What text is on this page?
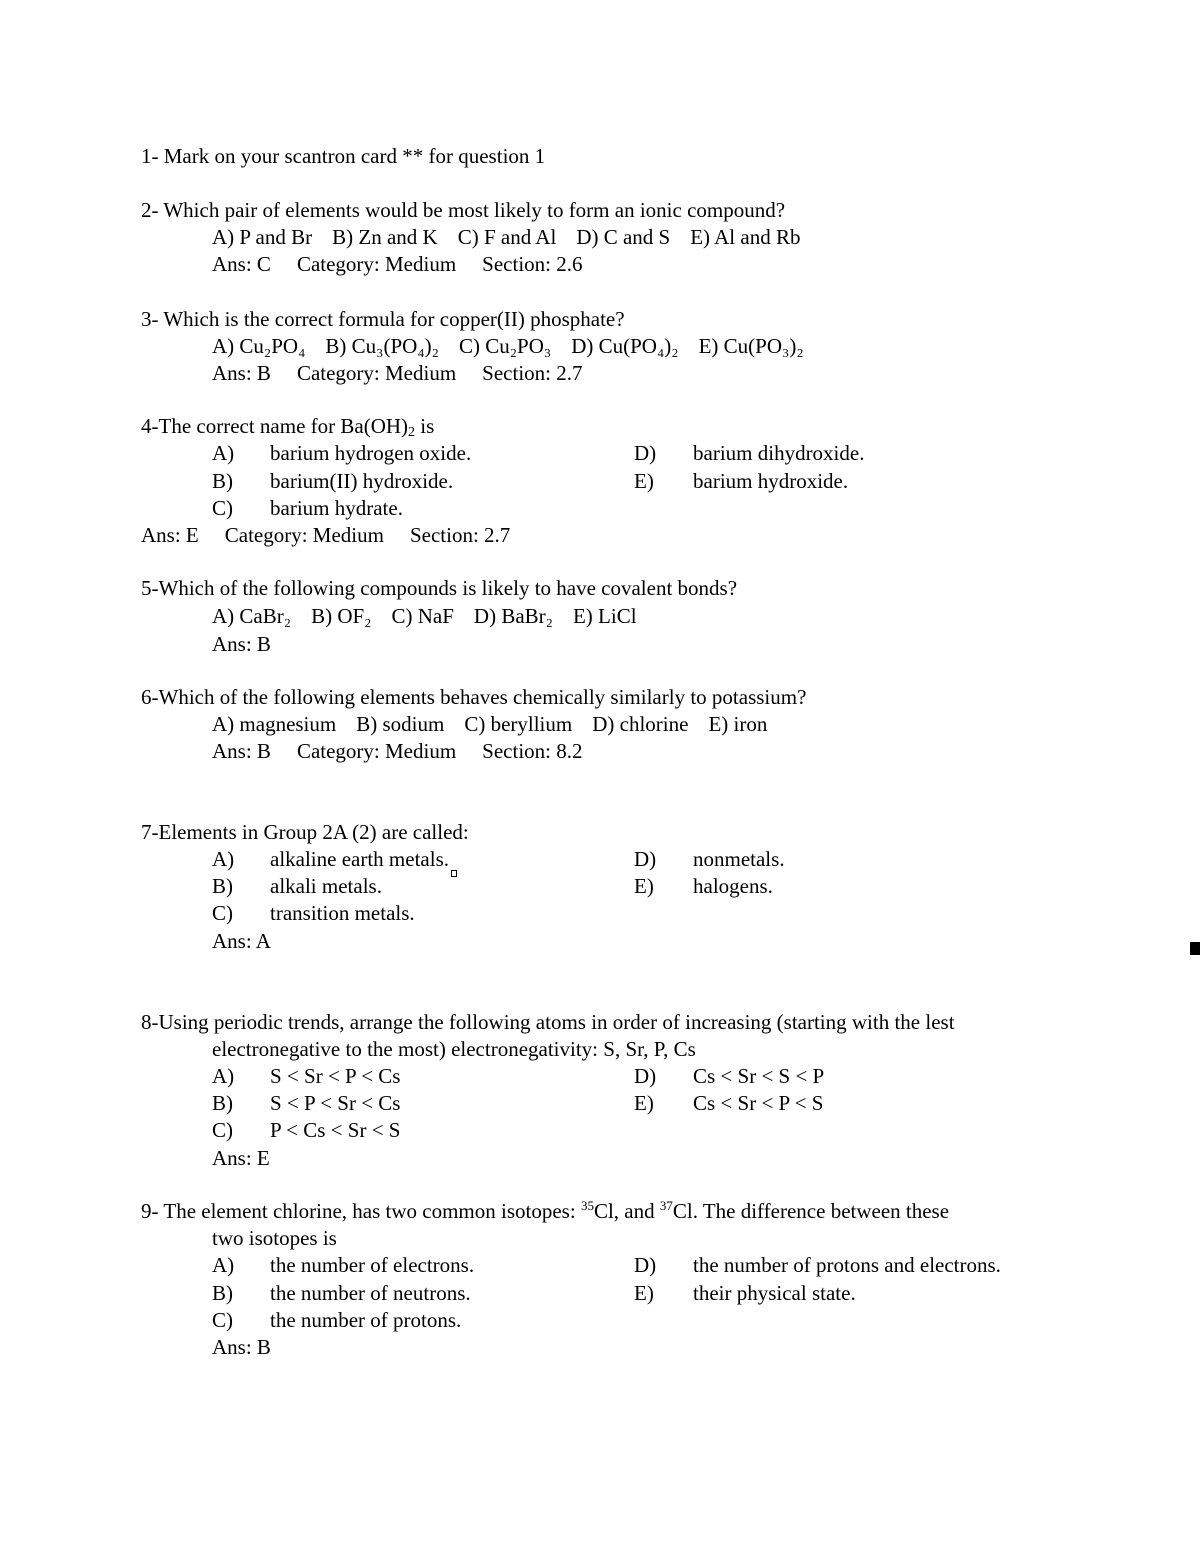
1- Mark on your scantron card ** for question 1
2- Which pair of elements would be most likely to form an ionic compound?
A) P and Br B) Zn and K C) F and Al D) C and S E) Al and Rb
Ans: C Category: Medium Section: 2.6
3- Which is the correct formula for copper(II) phosphate?
A) Cu₂PO₄ B) Cu₃(PO₄)₂ C) Cu₂PO₃ D) Cu(PO₄)₂ E) Cu(PO₃)₂
Ans: B Category: Medium Section: 2.7
4-The correct name for $Ba(OH)_2$ is
A) barium hydrogen oxide.	D) barium dihydroxide.
B) barium(II) hydroxide.	E) barium hydroxide.
C) barium hydrate.
Ans: E Category: Medium Section: 2.7
5-Which of the following compounds is likely to have covalent bonds?
A) CaBr₂ B) OF₂ C) NaF D) BaBr₂ E) LiCl
Ans: B
6-Which of the following elements behaves chemically similarly to potassium?
A) magnesium B) sodium C) beryllium D) chlorine E) iron
Ans: B Category: Medium Section: 8.2
7-Elements in Group 2A (2) are called:
A) alkaline earth metals.	D) nonmetals.
B) alkali metals.	E) halogens.
C) transition metals.
Ans: A
8-Using periodic trends, arrange the following atoms in order of increasing (starting with the lest
electronegative to the most) electronegativity: S, Sr, P, Cs
A) S < Sr < P < Cs	D) Cs < Sr < S < P
B) S < P < Sr < Cs	E) Cs < Sr < P < S
C) P < Cs < Sr < S
Ans: E
9- The element chlorine, has two common isotopes: $^{35}$Cl, and $^{37}$Cl. The difference between these
two isotopes is
A) the number of electrons.	D) the number of protons and electrons.
B) the number of neutrons.	E) their physical state.
C) the number of protons.
Ans: B
